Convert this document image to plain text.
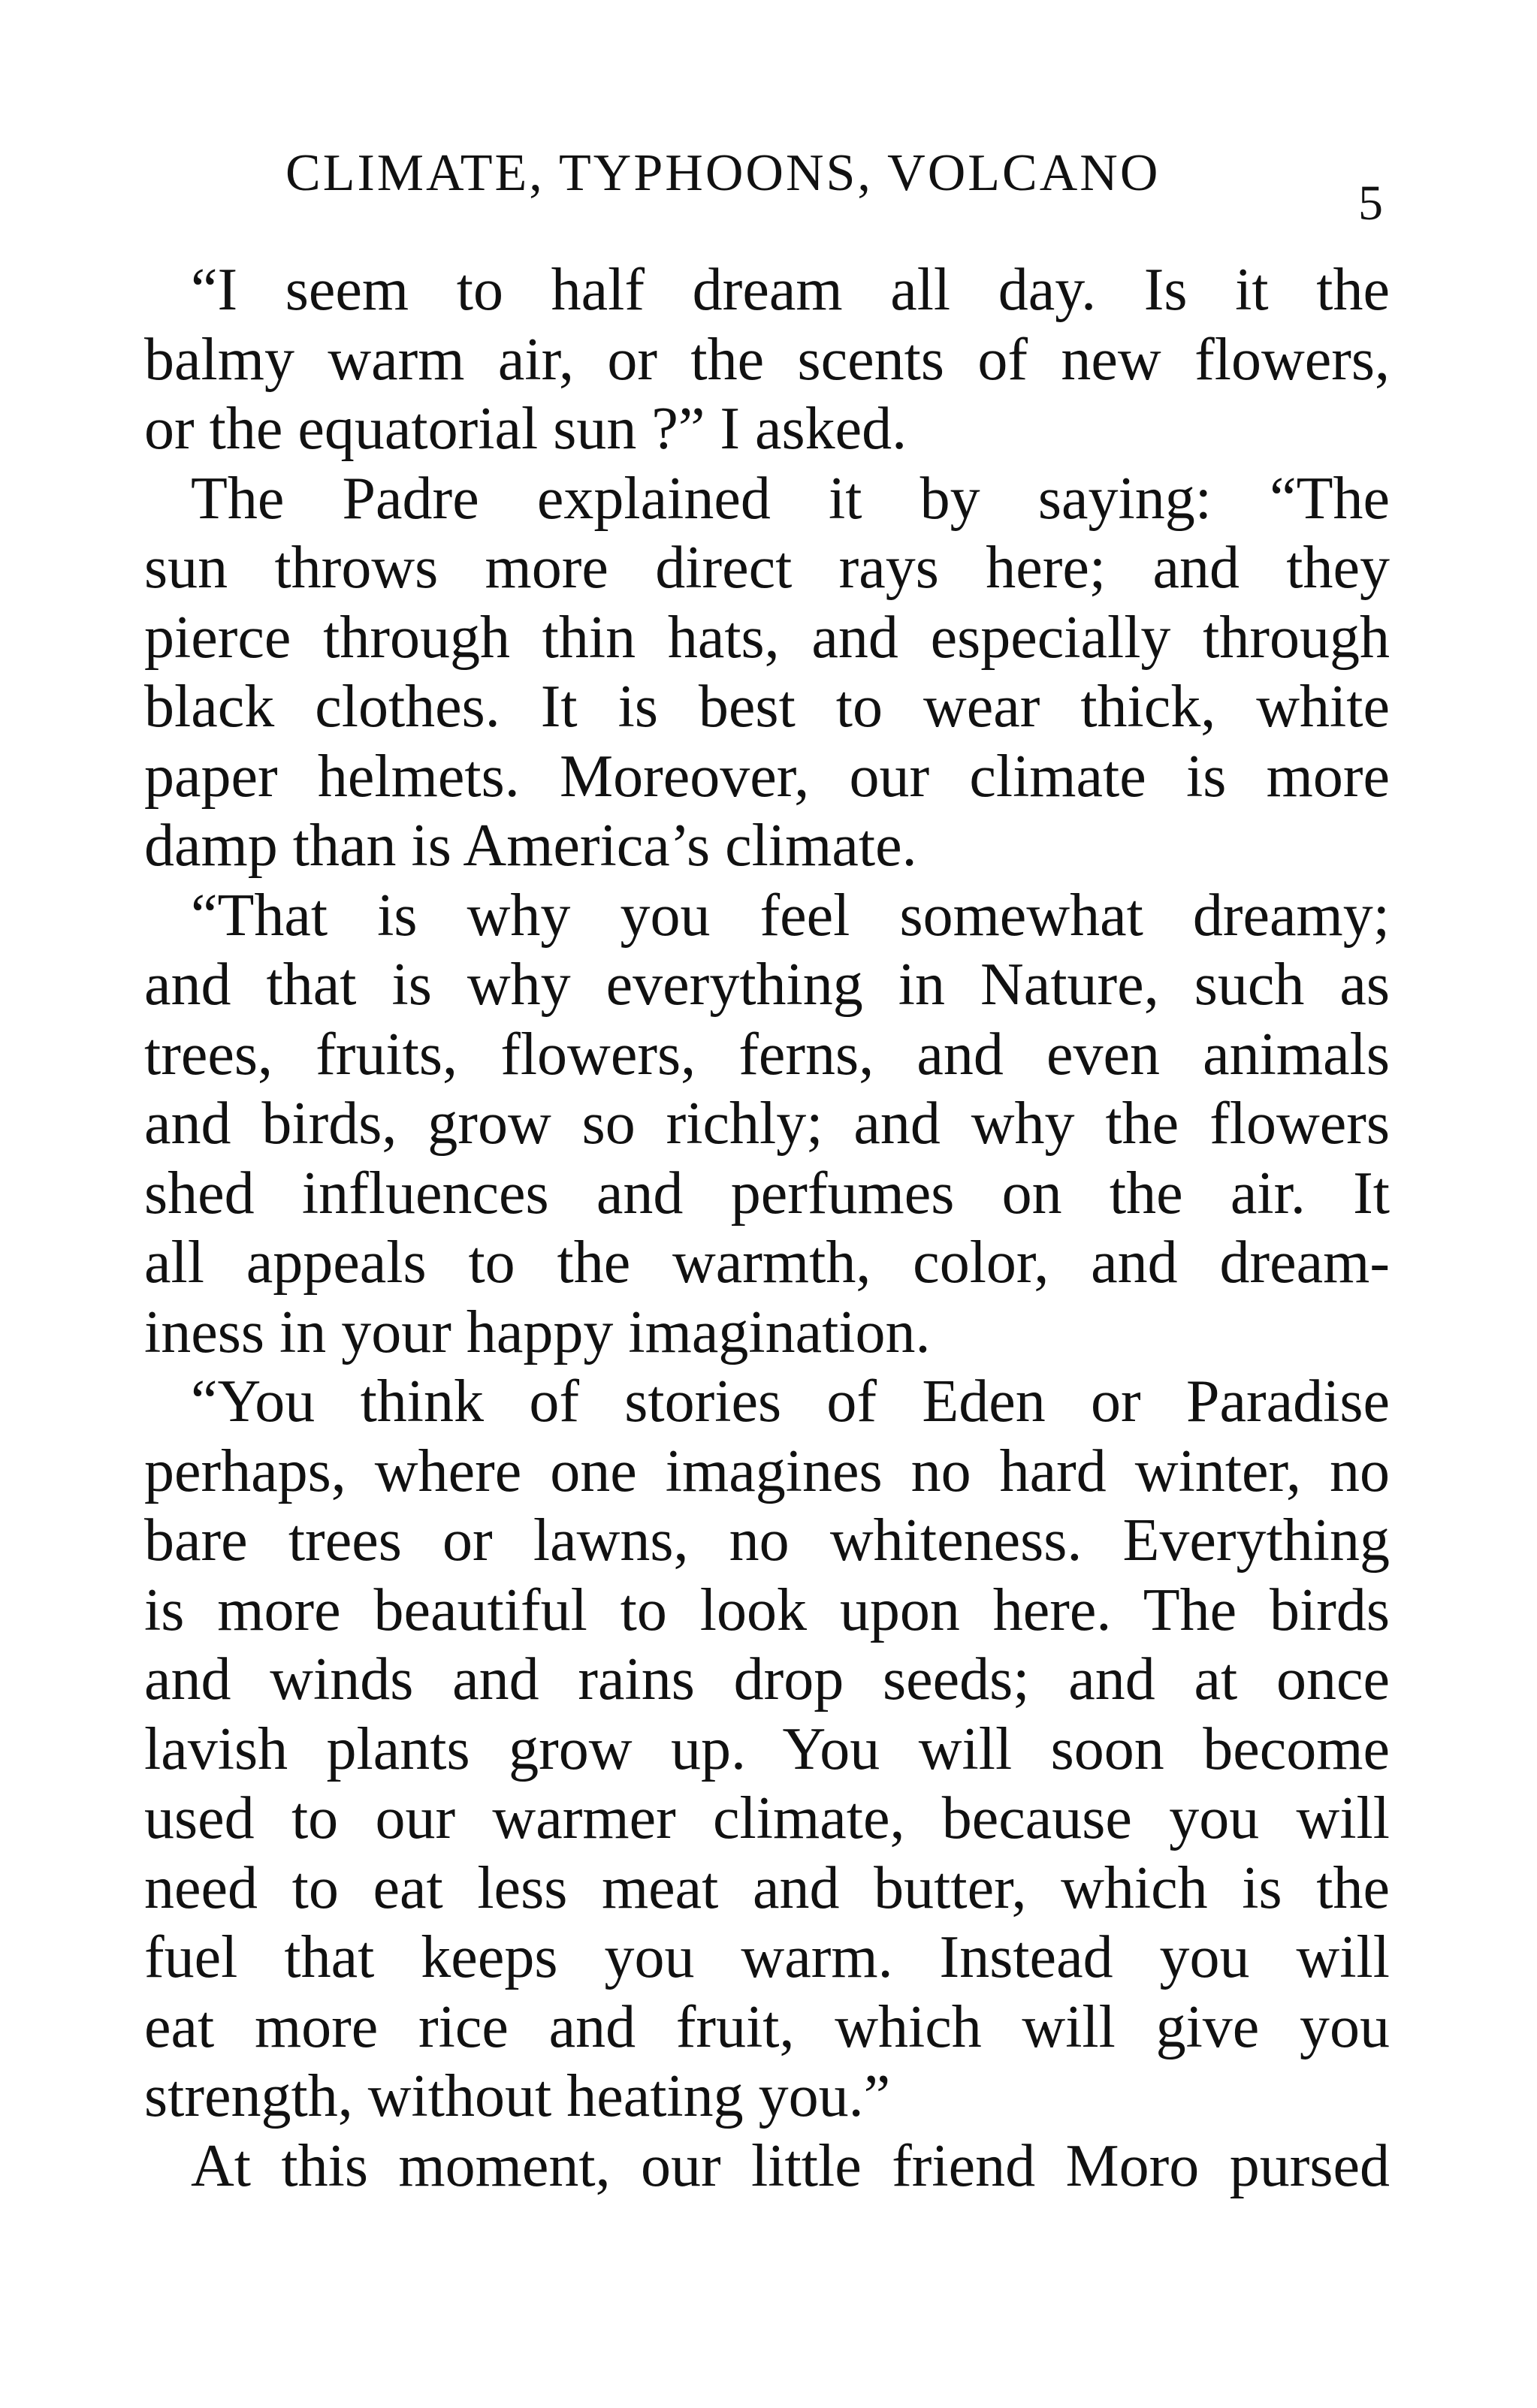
CLIMATE, TYPHOONS, VOLCANO
5
“I seem to half dream all day. Is it the
balmy warm air, or the scents of new flowers,
or the equatorial sun ?” I asked.
The Padre explained it by saying: “The
sun throws more direct rays here; and they
pierce through thin hats, and especially through
black clothes. It is best to wear thick, white
paper helmets. Moreover, our climate is more
damp than is America’s climate.
“That is why you feel somewhat dreamy;
and that is why everything in Nature, such as
trees, fruits, flowers, ferns, and even animals
and birds, grow so richly; and why the flowers
shed influences and perfumes on the air. It
all appeals to the warmth, color, and dream-
iness in your happy imagination.
“You think of stories of Eden or Paradise
perhaps, where one imagines no hard winter, no
bare trees or lawns, no whiteness. Everything
is more beautiful to look upon here. The birds
and winds and rains drop seeds; and at once
lavish plants grow up. You will soon become
used to our warmer climate, because you will
need to eat less meat and butter, which is the
fuel that keeps you warm. Instead you will
eat more rice and fruit, which will give you
strength, without heating you.”
At this moment, our little friend Moro pursed
